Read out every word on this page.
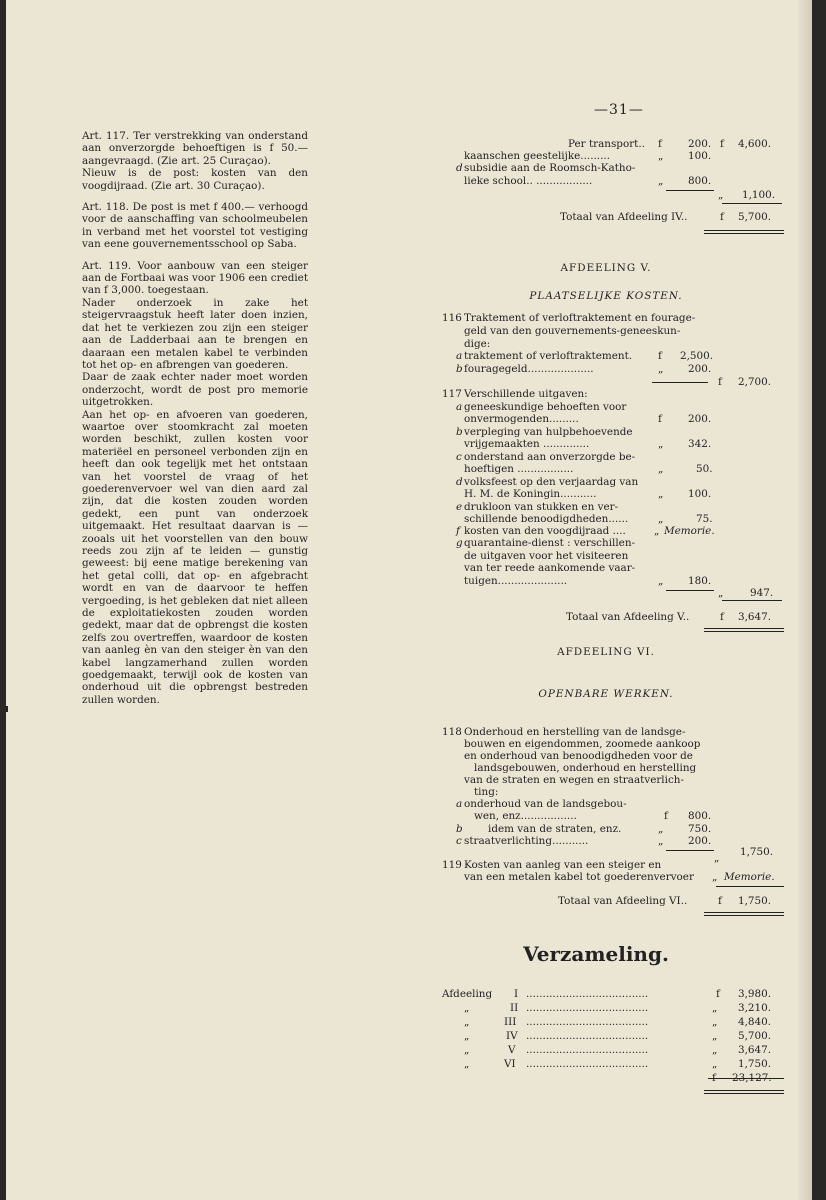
—31—

Art. 117. Ter verstrekking van onderstand aan onverzorgde behoeftigen is f 50.— aangevraagd. (Zie art. 25 Curaçao).

Nieuw is de post: kosten van den voogdijraad. (Zie art. 30 Curaçao).

Art. 118. De post is met f 400.— verhoogd voor de aanschaffing van schoolmeubelen in verband met het voorstel tot vestiging van eene gouvernementsschool op Saba.

Art. 119. Voor aanbouw van een steiger aan de Fortbaai was voor 1906 een crediet van f 3,000. toegestaan.

Nader onderzoek in zake het steigervraagstuk heeft later doen inzien, dat het te verkiezen zou zijn een steiger aan de Ladderbaai aan te brengen en daaraan een metalen kabel te verbinden tot het op- en afbrengen van goederen.

Daar de zaak echter nader moet worden onderzocht, wordt de post pro memorie uitgetrokken.

Aan het op- en afvoeren van goederen, waartoe over stoomkracht zal moeten worden beschikt, zullen kosten voor materiëel en personeel verbonden zijn en heeft dan ook tegelijk met het ontstaan van het voorstel de vraag of het goederenvervoer wel van dien aard zal zijn, dat die kosten zouden worden gedekt, een punt van onderzoek uitgemaakt. Het resultaat daarvan is — zooals uit het voorstellen van den bouw reeds zou zijn af te leiden — gunstig geweest: bij eene matige berekening van het getal colli, dat op- en afgebracht wordt en van de daarvoor te heffen vergoeding, is het gebleken dat niet alleen de exploitatiekosten zouden worden gedekt, maar dat de opbrengst die kosten zelfs zou overtreffen, waardoor de kosten van aanleg èn van den steiger èn van den kabel langzamerhand zullen worden goedgemaakt, terwijl ook de kosten van onderhoud uit die opbrengst bestreden zullen worden.

Per transport.. f	200. f 4,600.
kaanschen geestelijke.........	„ 100.
d subsidie aan de Roomsch-Katho-
lieke school.. .................	„ 800.
„ 1,100.
Totaal van Afdeeling IV..	f 5,700.
AFDEELING V.
PLAATSELIJKE KOSTEN.
116 Traktement of verloftraktement en fourage-
geld van den gouvernements-geneeskun-
dige:
a traktement of verloftraktement. f 2,500.
b fouragegeld....................	„ 200.
f 2,700.
117 Verschillende uitgaven:
a geneeskundige behoeften voor
onvermogenden.........	f	200.
b verpleging van hulpbehoevende
vrijgemaakten ..............	„ 342.
c onderstand aan onverzorgde be-
hoeftigen .................	„	50.
d volksfeest op den verjaardag van
H. M. de Koningin...........	„ 100.
e drukloon van stukken en ver-
schillende benoodigdheden......	„	75.
f kosten van den voogdijraad ....	„ Memorie.
g quarantaine-dienst : verschillen-
de uitgaven voor het visiteeren
van ter reede aankomende vaar-
tuigen.....................	„ 180.
„	947.
Totaal van Afdeeling V..	f 3,647.
AFDEELING VI.
OPENBARE WERKEN.
118 Onderhoud en herstelling van de landsge-
bouwen en eigendommen, zoomede aankoop
en onderhoud van benoodigdheden voor de
landsgebouwen, onderhoud en herstelling
van de straten en wegen en straatverlich-
ting:
a onderhoud van de landsgebou-
wen, enz.................	f 800.
b idem van de straten, enz.	„ 750.
c straatverlichting...........	„ 200.
„ 1,750.
119 Kosten van aanleg van een steiger en
van een metalen kabel tot goederenvervoer „ Memorie.
Totaal van Afdeeling VI..	f 1,750.
Verzameling.
Afdeeling I .....................................	f 3,980.
„	II .....................................	„ 3,210.
„	III .....................................	„ 4,840.
„	IV .....................................	„ 5,700.
„	V .....................................	„ 3,647.
„	VI .....................................	„ 1,750.
f 23,127.
